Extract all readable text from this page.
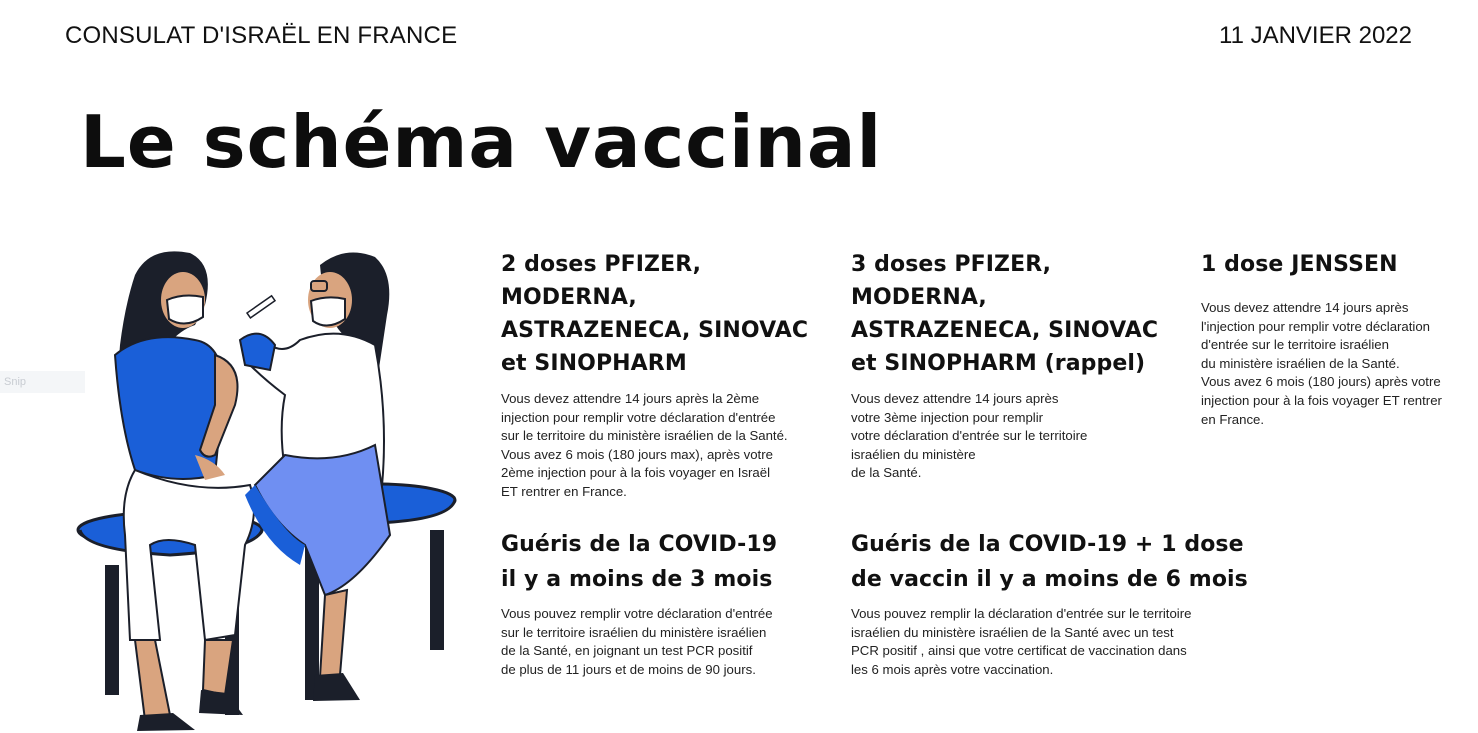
CONSULAT D'ISRAËL EN FRANCE	11 JANVIER 2022
Le schéma vaccinal
Snip
2 doses PFIZER, MODERNA,
ASTRAZENECA, SINOVAC
et SINOPHARM

Vous devez attendre 14 jours après la 2ème
injection pour remplir votre déclaration d'entrée
sur le territoire du ministère israélien de la Santé.
Vous avez 6 mois (180 jours max), après votre
2ème injection pour à la fois voyager en Israël
ET rentrer en France.

3 doses PFIZER, MODERNA,
ASTRAZENECA, SINOVAC
et SINOPHARM (rappel)

Vous devez attendre 14 jours après
votre 3ème injection pour remplir
votre déclaration d'entrée sur le territoire
israélien du ministère
de la Santé.

1 dose JENSSEN

Vous devez attendre 14 jours après
l'injection pour remplir votre déclaration
d'entrée sur le territoire israélien
du ministère israélien de la Santé.
Vous avez 6 mois (180 jours) après votre
injection pour à la fois voyager ET rentrer
en France.

Guéris de la COVID-19
il y a moins de 3 mois

Vous pouvez remplir votre déclaration d'entrée
sur le territoire israélien du ministère israélien
de la Santé, en joignant un test PCR positif
de plus de 11 jours et de moins de 90 jours.

Guéris de la COVID-19 + 1 dose
de vaccin il y a moins de 6 mois

Vous pouvez remplir la déclaration d'entrée sur le territoire
israélien du ministère israélien de la Santé avec un test
PCR positif , ainsi que votre certificat de vaccination dans
les 6 mois après votre vaccination.
